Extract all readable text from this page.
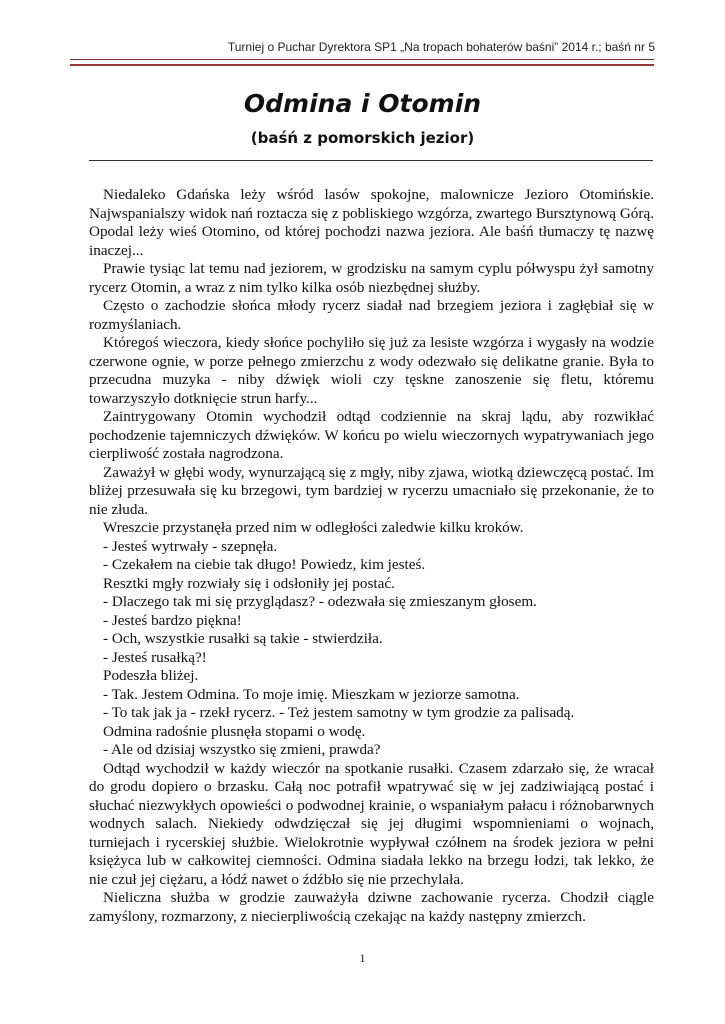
Turniej o Puchar Dyrektora SP1 „Na tropach bohaterów baśni” 2014 r.; baśń nr 5
Odmina i Otomin
(baśń z pomorskich jezior)

Niedaleko Gdańska leży wśród lasów spokojne, malownicze Jezioro Otomińskie. Najwspanialszy widok nań roztacza się z pobliskiego wzgórza, zwartego Bursztynową Górą. Opodal leży wieś Otomino, od której pochodzi nazwa jeziora. Ale baśń tłumaczy tę nazwę inaczej...

Prawie tysiąc lat temu nad jeziorem, w grodzisku na samym cyplu półwyspu żył samotny rycerz Otomin, a wraz z nim tylko kilka osób niezbędnej służby.

Często o zachodzie słońca młody rycerz siadał nad brzegiem jeziora i zagłębiał się w rozmyślaniach.

Któregoś wieczora, kiedy słońce pochyliło się już za lesiste wzgórza i wygasły na wodzie czerwone ognie, w porze pełnego zmierzchu z wody odezwało się delikatne granie. Była to przecudna muzyka - niby dźwięk wioli czy tęskne zanoszenie się fletu, któremu towarzyszyło dotknięcie strun harfy...

Zaintrygowany Otomin wychodził odtąd codziennie na skraj lądu, aby rozwikłać pochodzenie tajemniczych dźwięków. W końcu po wielu wieczornych wypatrywaniach jego cierpliwość została nagrodzona.

Zaważył w głębi wody, wynurzającą się z mgły, niby zjawa, wiotką dziewczęcą postać. Im bliżej przesuwała się ku brzegowi, tym bardziej w rycerzu umacniało się przekonanie, że to nie złuda.

Wreszcie przystanęła przed nim w odległości zaledwie kilku kroków.

- Jesteś wytrwały - szepnęła.

- Czekałem na ciebie tak długo! Powiedz, kim jesteś.

Resztki mgły rozwiały się i odsłoniły jej postać.

- Dlaczego tak mi się przyglądasz? - odezwała się zmieszanym głosem.

- Jesteś bardzo piękna!

- Och, wszystkie rusałki są takie - stwierdziła.

- Jesteś rusałką?!

Podeszła bliżej.

- Tak. Jestem Odmina. To moje imię. Mieszkam w jeziorze samotna.

- To tak jak ja - rzekł rycerz. - Też jestem samotny w tym grodzie za palisadą.

Odmina radośnie plusnęła stopami o wodę.

- Ale od dzisiaj wszystko się zmieni, prawda?

Odtąd wychodził w każdy wieczór na spotkanie rusałki. Czasem zdarzało się, że wracał do grodu dopiero o brzasku. Całą noc potrafił wpatrywać się w jej zadziwiającą postać i słuchać niezwykłych opowieści o podwodnej krainie, o wspaniałym pałacu i różnobarwnych wodnych salach. Niekiedy odwdzięczał się jej długimi wspomnieniami o wojnach, turniejach i rycerskiej służbie. Wielokrotnie wypływał czółnem na środek jeziora w pełni księżyca lub w całkowitej ciemności. Odmina siadała lekko na brzegu łodzi, tak lekko, że nie czuł jej ciężaru, a łódź nawet o źdźbło się nie przechylała.

Nieliczna służba w grodzie zauważyła dziwne zachowanie rycerza. Chodził ciągle zamyślony, rozmarzony, z niecierpliwością czekając na każdy następny zmierzch.

1
